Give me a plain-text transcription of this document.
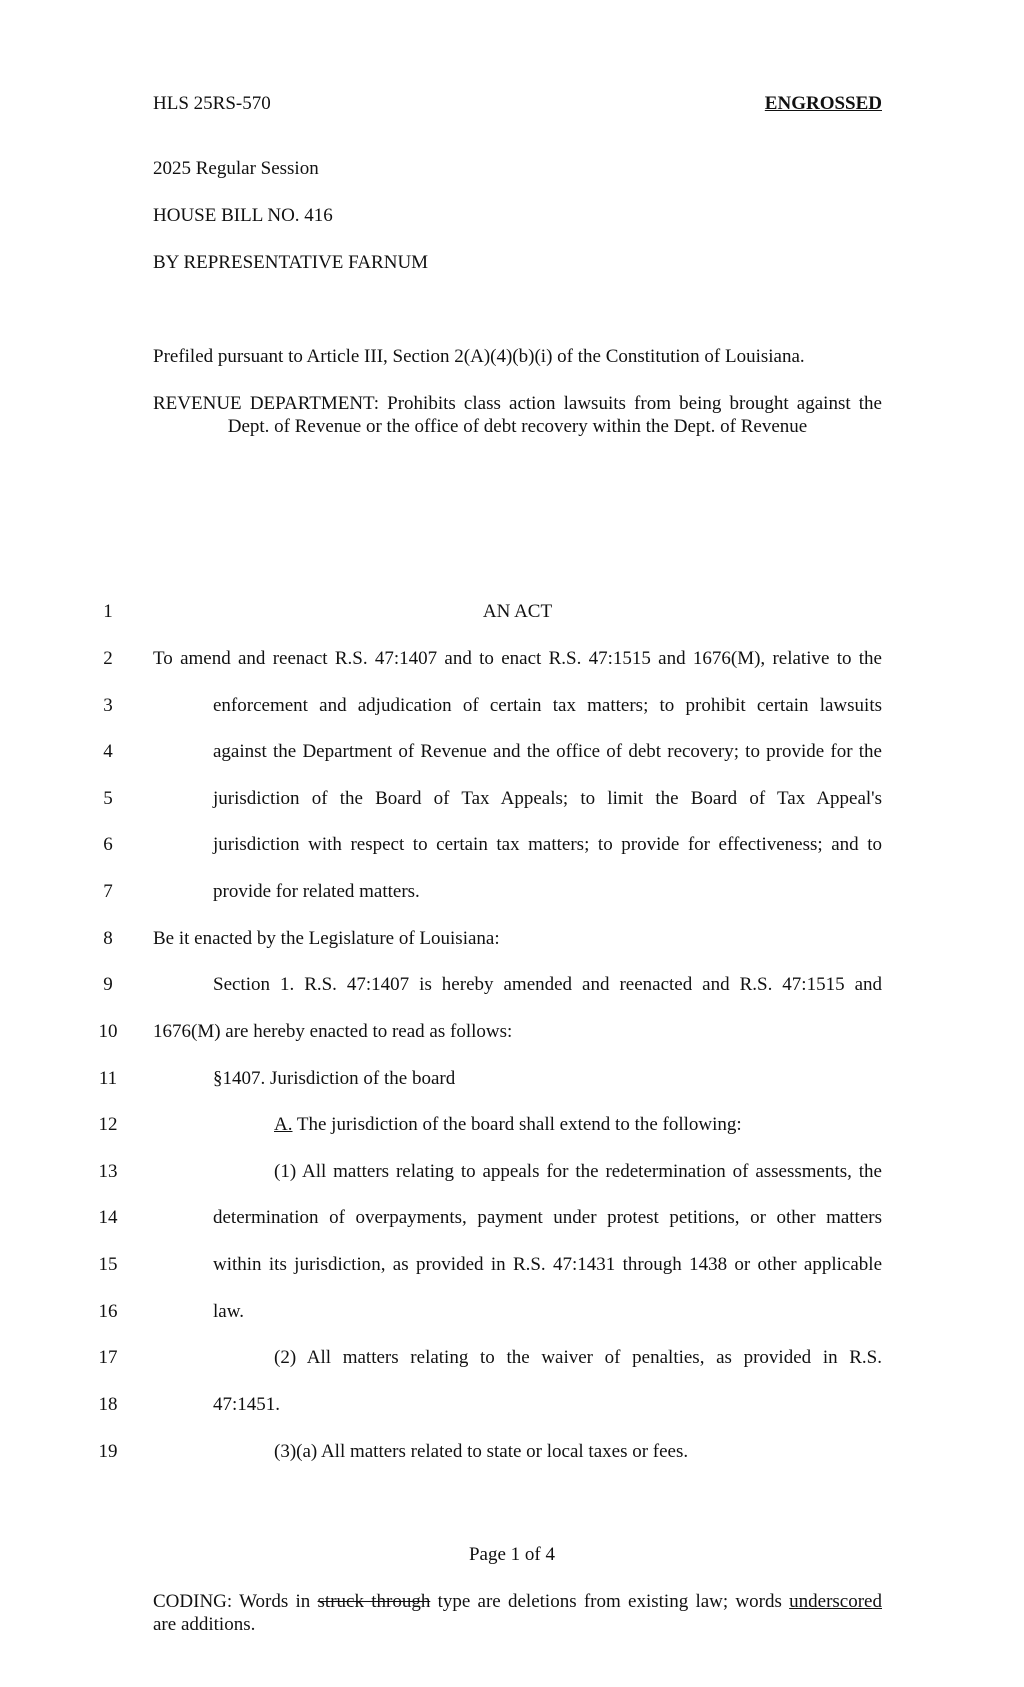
HLS 25RS-570	ENGROSSED
2025 Regular Session
HOUSE BILL NO. 416
BY REPRESENTATIVE FARNUM
Prefiled pursuant to Article III, Section 2(A)(4)(b)(i) of the Constitution of Louisiana.
REVENUE DEPARTMENT: Prohibits class action lawsuits from being brought against the
Dept. of Revenue or the office of debt recovery within the Dept. of Revenue
1
2
3
4
5
6
7
8
9
10
11
12
13
14
15
16
17
18
19
AN ACT
To amend and reenact R.S. 47:1407 and to enact R.S. 47:1515 and 1676(M), relative to the
enforcement and adjudication of certain tax matters; to prohibit certain lawsuits
against the Department of Revenue and the office of debt recovery; to provide for the
jurisdiction of the Board of Tax Appeals; to limit the Board of Tax Appeal's
jurisdiction with respect to certain tax matters; to provide for effectiveness; and to
provide for related matters.
Be it enacted by the Legislature of Louisiana:
Section 1. R.S. 47:1407 is hereby amended and reenacted and R.S. 47:1515 and
1676(M) are hereby enacted to read as follows:
§1407. Jurisdiction of the board
A. The jurisdiction of the board shall extend to the following:
(1) All matters relating to appeals for the redetermination of assessments, the
determination of overpayments, payment under protest petitions, or other matters
within its jurisdiction, as provided in R.S. 47:1431 through 1438 or other applicable
law.
(2) All matters relating to the waiver of penalties, as provided in R.S.
47:1451.
(3)(a) All matters related to state or local taxes or fees.
Page 1 of 4
CODING: Words in struck through type are deletions from existing law; words underscored
are additions.
